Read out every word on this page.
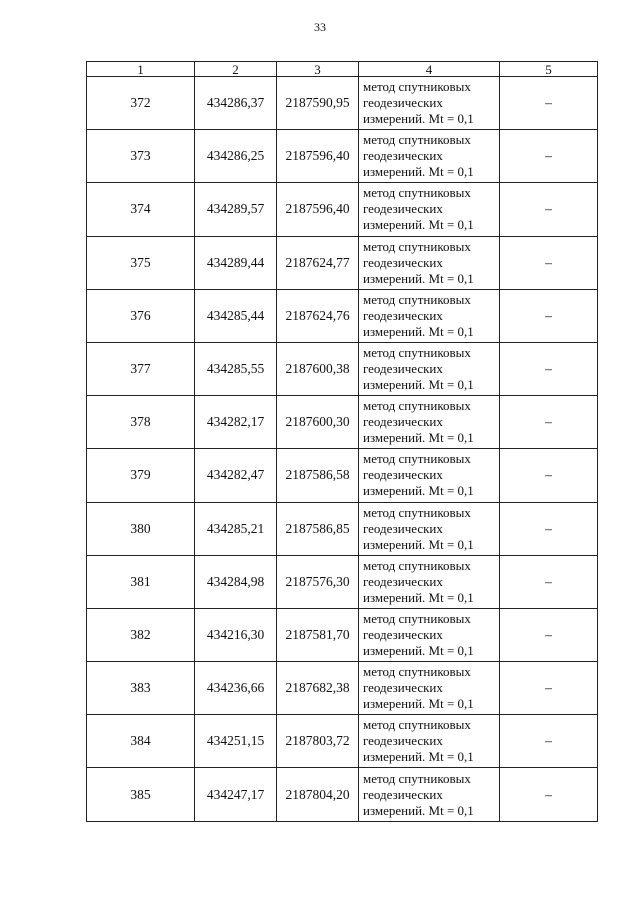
33
1	2	3	4	5
372	434286,37	2187590,95	метод спутниковых
геодезических
измерений. Mt = 0,1	–
373	434286,25	2187596,40	метод спутниковых
геодезических
измерений. Mt = 0,1	–
374	434289,57	2187596,40	метод спутниковых
геодезических
измерений. Mt = 0,1	–
375	434289,44	2187624,77	метод спутниковых
геодезических
измерений. Mt = 0,1	–
376	434285,44	2187624,76	метод спутниковых
геодезических
измерений. Mt = 0,1	–
377	434285,55	2187600,38	метод спутниковых
геодезических
измерений. Mt = 0,1	–
378	434282,17	2187600,30	метод спутниковых
геодезических
измерений. Mt = 0,1	–
379	434282,47	2187586,58	метод спутниковых
геодезических
измерений. Mt = 0,1	–
380	434285,21	2187586,85	метод спутниковых
геодезических
измерений. Mt = 0,1	–
381	434284,98	2187576,30	метод спутниковых
геодезических
измерений. Mt = 0,1	–
382	434216,30	2187581,70	метод спутниковых
геодезических
измерений. Mt = 0,1	–
383	434236,66	2187682,38	метод спутниковых
геодезических
измерений. Mt = 0,1	–
384	434251,15	2187803,72	метод спутниковых
геодезических
измерений. Mt = 0,1	–
385	434247,17	2187804,20	метод спутниковых
геодезических
измерений. Mt = 0,1	–
